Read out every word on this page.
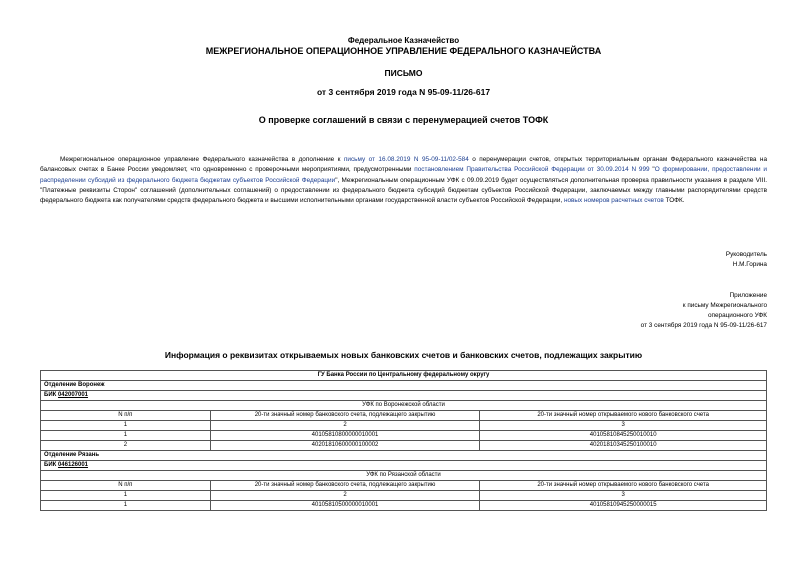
Федеральное Казначейство
МЕЖРЕГИОНАЛЬНОЕ ОПЕРАЦИОННОЕ УПРАВЛЕНИЕ ФЕДЕРАЛЬНОГО КАЗНАЧЕЙСТВА
ПИСЬМО
от 3 сентября 2019 года N 95-09-11/26-617
О проверке соглашений в связи с перенумерацией счетов ТОФК
Межрегиональное операционное управление Федерального казначейства в дополнение к письму от 16.08.2019 N 95-09-11/02-584 о перенумерации счетов, открытых территориальным органам Федерального казначейства на балансовых счетах в Банке России уведомляет, что одновременно с проверочными мероприятиями, предусмотренными постановлением Правительства Российской Федерации от 30.09.2014 N 999 "О формировании, предоставлении и распределении субсидий из федерального бюджета бюджетам субъектов Российской Федерации", Межрегиональным операционным УФК с 09.09.2019 будет осуществляться дополнительная проверка правильности указания в разделе VIII. "Платежные реквизиты Сторон" соглашений (дополнительных соглашений) о предоставлении из федерального бюджета субсидий бюджетам субъектов Российской Федерации, заключаемых между главными распорядителями средств федерального бюджета как получателями средств федерального бюджета и высшими исполнительными органами государственной власти субъектов Российской Федерации, новых номеров расчетных счетов ТОФК.
Руководитель
Н.М.Горина
Приложение
к письму Межрегионального
операционного УФК
от 3 сентября 2019 года N 95-09-11/26-617
Информация о реквизитах открываемых новых банковских счетов и банковских счетов, подлежащих закрытию
ГУ Банка России по Центральному федеральному округу		
Отделение Воронеж		
БИК 042007001		
УФК по Воронежской области		
N п/п	20-ти значный номер банковского счета, подлежащего закрытию	20-ти значный номер открываемого нового банковского счета
1	2	3
1	40105810800000010001	40105810845250010010
2	40201810600000100002	40201810345250100010
Отделение Рязань		
БИК 046126001		
УФК по Рязанской области		
N п/п	20-ти значный номер банковского счета, подлежащего закрытию	20-ти значный номер открываемого нового банковского счета
1	2	3
1	40105810500000010001	40105810945250000015
